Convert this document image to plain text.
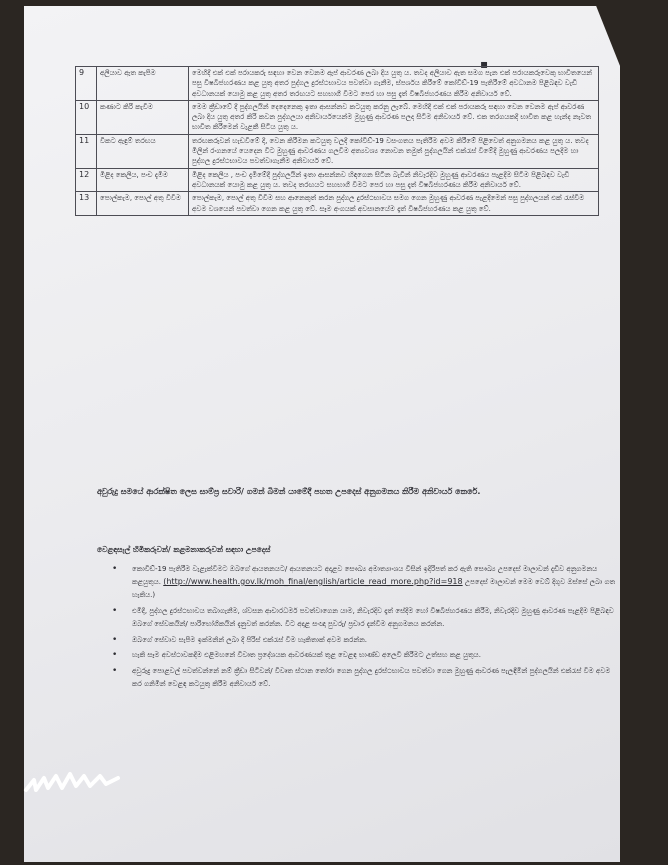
▪
9	අලියාව ඇත කැපීම	මෙහිදී එක් එක් පරායකරු සඳහා වෙන වෙනම ඇප් ආවරණ ලබා දිය යුතු ය. තවද අලියාව ඇත සමග පැන එක් පරායකරුවෙකු භාවිතයෙන් පසු විෂබීජහරණය කළ යුතු අතර පුද්ගල දුරස්ථභාවය පවත්වා ගැනීම, ස්පර්ශය කිරීමේ කෝවිඩ්-19 පැතිරීමේ අවධානම පිළිබඳව වැඩි අවධානයක් යොමු කළ යුතු අතර තරඟයට සහභාගී වීමට පෙර හා පසු දෑත් විෂබීජහරණය කිරීම අනිවාර්ය වේ.
10	කණාට කිරි කැවීම	මෙම ක්‍රීඩාවේ දී පුද්ගලයින් දෙදෙනෙකු ඉතා ආසන්නව කටයුතු කරනු ලැබේ. මෙහිදී එක් එක් පරායකරු සඳහා වෙන වෙනම ඇප් ආවරණ ලබා දිය යුතු අතර කිරි කවන පුද්ගලයා අනිවාර්යයෙන්ම මුහුණු ආවරණ පලද සිටීම අනිවාර්ය වේ. එක තරගයකදී භාවිත කළ හැන්ද නැවත භාවිත කිරීමෙන් වැළකී සිටිය යුතු ය.
11	විකට ඇඳුම් තරඟය	තරඟකරුවන් හැඩවීමේ දී, වෙන කිරීමන කටයුතු වලදී කෝවිඩ්-19 වසංගතය පැතිරීම අවම කිරීමේ පිළිවෙත් අනුගමනය කළ යුතු ය. තවද මිලින් රංගනයේ යෙදෙන විට මුහුණු ආවරණය ගලවීම අත්‍යවශ්‍ය නොවන තමුත් පුද්ගලයින් එක්රැස් වීමේදී මුහුණු ආවරණය පලදීම හා පුද්ගල දුරස්ථභාවය පවත්වාගැනීම අනිවාර්ය වේ.
12	මිළිද කෙලිය, පංච දැමීම	මිළිද කෙලිය , පංච දැමීමේදී පුද්ගලයින් ඉතා ආසන්නව හිඳගෙන සිටින බැවින් නිවැරදිව මුහුණු ආවරණය පැළදීම සිටීම පිළිබඳව වැඩි අවධානයක් යොමු කළ යුතු ය. තවද තරඟයට සහභාගී වීමට පෙර හා පසු දෑත් විෂබීජහරණය කිරීම අනිවාර්ය වේ.
13	පොල්කැම, පොල් අතු විවීම	පොල්කැම, පොල් අතු විවීම සහ ආනෙකුත් කරන පුද්ගල දුරස්ථභාවය සමග ගෙන මුහුණු ආවරණ පැළදීමෙන් පසු පුද්ගලයන් එක් රැස්වීම අවම වශයෙන් පවත්වා ගෙන කළ යුතු වේ. සෑම අංගයක් අවසානයේම දෑත් විෂබීජහරණය කළ යුතු වේ.
අවුරුදු සමයේ ආරක්ෂිත ලෙස සාම්ප්‍ර සවාරි/ ගමන් බිමන් යාමේදී පහත උපදෙස් අනුගමනය කිරීම අනිවාර්ය කෙරේ.
වෙළඳසැල් හිමිකරුවන්/ කළමනාකරුවන් සඳහා උපදෙස්
• කොවිඩ්-19 පැතිරීම වැළැක්වීමට ඔබගේ ආයතනයට/ ආයතනයට අදාළව සෞඛ්‍ය අමාත්‍යාංශය විසින් ඉදිරිපත් කර ඇති සෞඛ්‍ය උපදෙස් මාලාවන් දැඩිව අනුගමනය කළයුතුය. (http://www.health.gov.lk/moh_final/english/article_read_more.php?id=918 උපදෙස් මාලාවන් මෙම වෙබ් දිගුව ඔස්සේ ලබා ගත හැකිය.)
• එමිදී, පුද්ගල දුරස්ථභාවය තබාගැනීම, ශ්වසන ආචාරධර්ම පවත්වාගෙන යාම, නිවැරදිව දෑත් සේදීම හෝ විෂබීජහරණය කිරීම, නිවැරදිව මුහුණු ආවරණ පැළදීම පිළිබඳව ඔබගේ සේවකයින්/ පාරිභෝගිකයින් දැනුවත් කරන්න. වීට අදාළ සංඥා පුවරු/ ප්‍රචාර දැන්වීම අනුගමනය කරන්න.
• ඔබගේ සේවාව සැපීම ඉක්මනින් ලබා දී පිරිස් එක්රැස් වීම හැකිතාක් අවම කරන්න.
• හැකි සෑම අවස්ථාවකදීම එළිමහනේ විවෘත ප්‍රදේශයක ආවරණයක් තුළ වෙළඳ භාණ්ඩ අලෙවි කිරීමට උත්සහ කළ යුතුය.
• අවුරුදු පොළවල් පවත්වන්නේ නම් ක්‍රීඩා සිටිවන්/ විවෘත ස්ථාන තෝරා ගෙන පුද්ගල දුරස්ථභාවය පවත්වා ගෙන මුහුණු ආවරණ පැලඳීමින් පුද්ගලයින් එක්රැස් වීම අවම කර ගනිමින් වෙළඳ කටයුතු කිරීම අනිවාර්ය වේ.
